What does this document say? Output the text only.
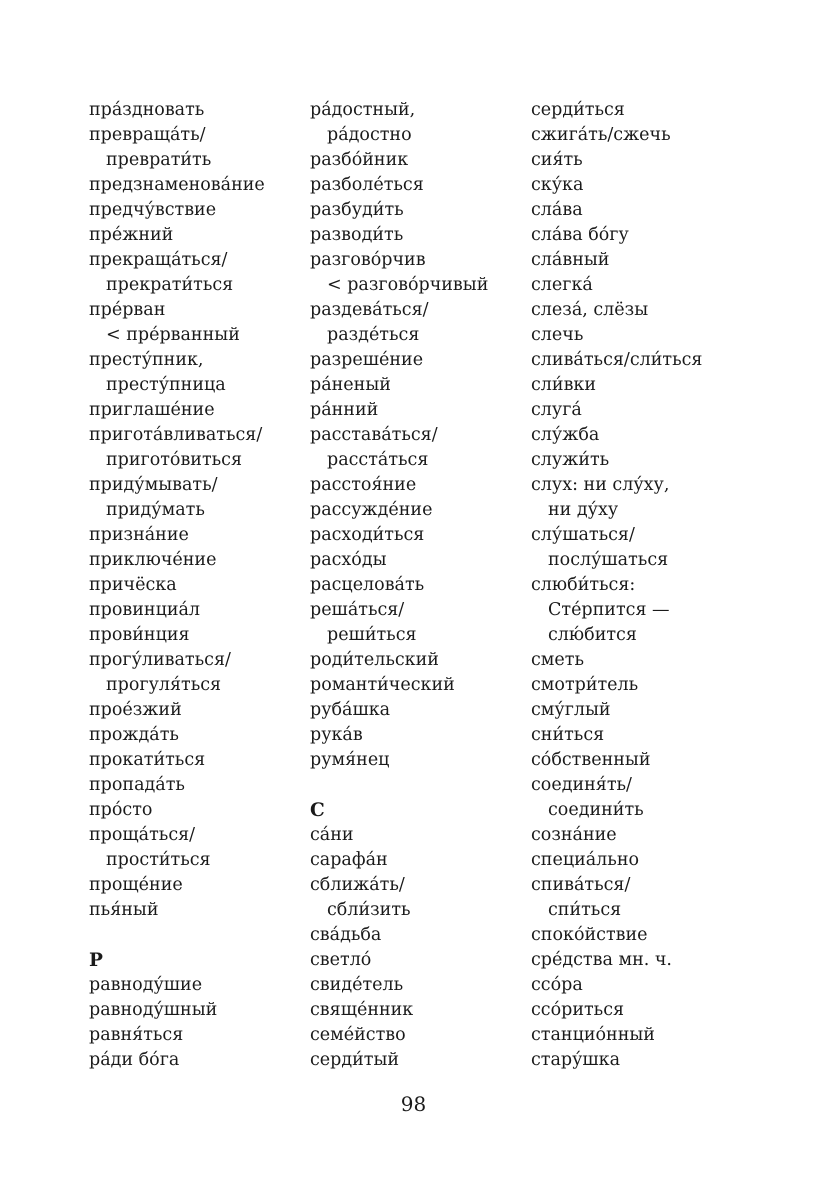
пра́здновать
превраща́ть/
преврати́ть
предзнаменова́ние
предчу́вствие
пре́жний
прекраща́ться/
прекрати́ться
пре́рван
< пре́рванный
престу́пник,
престу́пница
приглаше́ние
пригота́вливаться/
приготóвиться
приду́мывать/
приду́мать
призна́ние
приключе́ние
причёска
провинциа́л
прови́нция
прогу́ливаться/
прогуля́ться
прое́зжий
прожда́ть
прокати́ться
пропада́ть
прóсто
проща́ться/
прости́ться
проще́ние
пья́ный
Р
равноду́шие
равноду́шный
равня́ться
ра́ди бóга
ра́достный,
ра́достно
разбóйник
разболе́ться
разбуди́ть
разводи́ть
разговóрчив
< разговóрчивый
раздева́ться/
разде́ться
разреше́ние
ра́неный
ра́нний
расстава́ться/
расста́ться
расстоя́ние
рассужде́ние
расходи́ться
расхóды
расцелова́ть
реша́ться/
реши́ться
роди́тельский
романти́ческий
руба́шка
рука́в
румя́нец
С
са́ни
сарафа́н
сближа́ть/
сбли́зить
сва́дьба
светлó
свиде́тель
свяще́нник
семе́йство
серди́тый
серди́ться
сжига́ть/сжечь
сия́ть
ску́ка
сла́ва
сла́ва бóгу
сла́вный
слегка́
слеза́, слёзы
слечь
слива́ться/сли́ться
сли́вки
слуга́
слу́жба
служи́ть
слух: ни слу́ху,
ни ду́ху
слу́шаться/
послу́шаться
слюби́ться:
Сте́рпится —
слю́бится
сметь
смотри́тель
сму́глый
сни́ться
сóбственный
соединя́ть/
соедини́ть
созна́ние
специа́льно
спива́ться/
спи́ться
спокóйствие
сре́дства мн. ч.
ссóра
ссóриться
станциóнный
стару́шка
98
